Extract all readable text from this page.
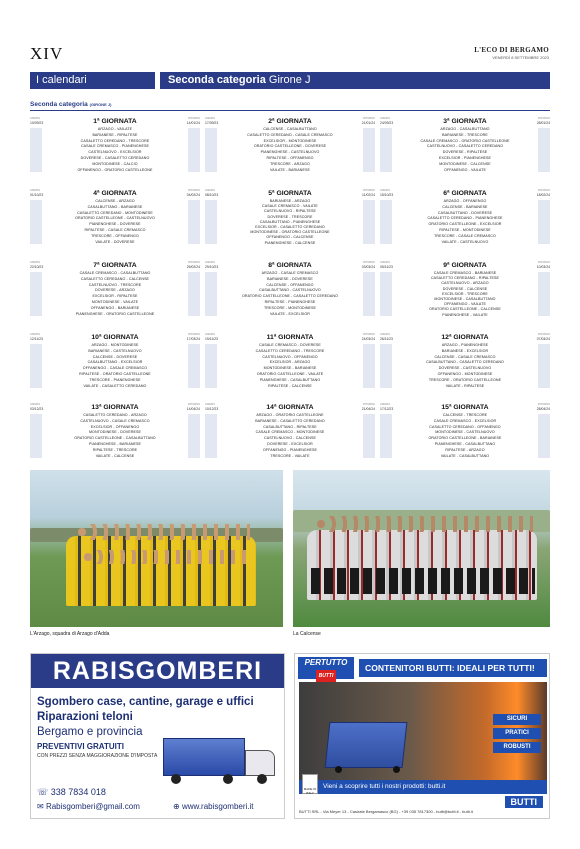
XIV	L'ECO DI BERGAMO
VENERDÌ 8 SETTEMBRE 2023
I calendari	Seconda categoria Girone J
Seconda categoria (GIRONE J)
ANDATA
10/09/23
RITORNO
14/01/24
1ª GIORNATA
ARZAGO - VAILATE
BARIANESE - RIPALTESE
CASALETTO CEREDANO - TRESCORE
CASALE CREMASCO - PIANENGHESE
CASTELNUOVO - EXCELSIOR
DOVERESE - CASALETTO CEREDANO
MONTODINESE - CALCIO
OFFANENGO - ORATORIO CASTELLEONE
ANDATA
17/09/23
RITORNO
21/01/24
2ª GIORNATA
CALCENSE - CASALBUTTANO
CASALETTO CEREDANO - CASALE CREMASCO
EXCELSIOR - MONTODINESE
ORATORIO CASTELLEONE - DOVERESE
PIANENGHESE - CASTELNUOVO
RIPALTESE - OFFANENGO
TRESCORE - ARZAGO
VAILATE - BARIANESE
ANDATA
24/09/23
RITORNO
28/01/24
3ª GIORNATA
ARZAGO - CASALBUTTANO
BARIANESE - TRESCORE
CASALE CREMASCO - ORATORIO CASTELLEONE
CASTELNUOVO - CASALETTO CEREDANO
DOVERESE - RIPALTESE
EXCELSIOR - PIANENGHESE
MONTODINESE - CALCENSE
OFFANENGO - VAILATE
ANDATA
01/10/23
RITORNO
04/02/24
4ª GIORNATA
CALCENSE - ARZAGO
CASALBUTTANO - BARIANESE
CASALETTO CEREDANO - MONTODINESE
ORATORIO CASTELLEONE - CASTELNUOVO
PIANENGHESE - DOVERESE
RIPALTESE - CASALE CREMASCO
TRESCORE - OFFANENGO
VAILATE - DOVERESE
ANDATA
08/10/23
RITORNO
11/02/24
5ª GIORNATA
BARIANESE - ARZAGO
CASALE CREMASCO - VAILATE
CASTELNUOVO - RIPALTESE
DOVERESE - TRESCORE
CASALBUTTANO - PIANENGHESE
EXCELSIOR - CASALETTO CEREDANO
MONTODINESE - ORATORIO CASTELLEONE
OFFANENGO - CALCENSE
PIANENGHESE - CALCENSE
ANDATA
15/10/23
RITORNO
18/02/24
6ª GIORNATA
ARZAGO - OFFANENGO
CALCENSE - BARIANESE
CASALBUTTANO - DOVERESE
CASALETTO CEREDANO - PIANENGHESE
ORATORIO CASTELLEONE - EXCELSIOR
RIPALTESE - MONTODINESE
TRESCORE - CASALE CREMASCO
VAILATE - CASTELNUOVO
ANDATA
22/10/23
RITORNO
25/02/24
7ª GIORNATA
CASALE CREMASCO - CASALBUTTANO
CASALETTO CEREDANO - CALCENSE
CASTELNUOVO - TRESCORE
DOVERESE - ARZAGO
EXCELSIOR - RIPALTESE
MONTODINESE - VAILATE
OFFANENGO - BARIANESE
PIANENGHESE - ORATORIO CASTELLEONE
ANDATA
29/10/23
RITORNO
03/03/24
8ª GIORNATA
ARZAGO - CASALE CREMASCO
BARIANESE - DOVERESE
CALCENSE - OFFANENGO
CASALBUTTANO - CASTELNUOVO
ORATORIO CASTELLEONE - CASALETTO CEREDANO
RIPALTESE - PIANENGHESE
TRESCORE - MONTODINESE
VAILATE - EXCELSIOR
ANDATA
05/11/23
RITORNO
10/03/24
9ª GIORNATA
CASALE CREMASCO - BARIANESE
CASALETTO CEREDANO - RIPALTESE
CASTELNUOVO - ARZAGO
DOVERESE - CALCENSE
EXCELSIOR - TRESCORE
MONTODINESE - CASALBUTTANO
OFFANENGO - VAILATE
ORATORIO CASTELLEONE - CALCENSE
PIANENGHESE - VAILATE
ANDATA
12/11/23
RITORNO
17/03/24
10ª GIORNATA
ARZAGO - MONTODINESE
BARIANESE - CASTELNUOVO
CALCENSE - DOVERESE
CASALBUTTANO - EXCELSIOR
OFFANENGO - CASALE CREMASCO
RIPALTESE - ORATORIO CASTELLEONE
TRESCORE - PIANENGHESE
VAILATE - CASALETTO CEREDANO
ANDATA
19/11/23
RITORNO
24/03/24
11ª GIORNATA
CASALE CREMASCO - DOVERESE
CASALETTO CEREDANO - TRESCORE
CASTELNUOVO - OFFANENGO
EXCELSIOR - ARZAGO
MONTODINESE - BARIANESE
ORATORIO CASTELLEONE - VAILATE
PIANENGHESE - CASALBUTTANO
RIPALTESE - CALCENSE
ANDATA
26/11/23
RITORNO
07/04/24
12ª GIORNATA
ARZAGO - PIANENGHESE
BARIANESE - EXCELSIOR
CALCENSE - CASALE CREMASCO
CASALBUTTANO - CASALETTO CEREDANO
DOVERESE - CASTELNUOVO
OFFANENGO - MONTODINESE
TRESCORE - ORATORIO CASTELLEONE
VAILATE - RIPALTESE
ANDATA
03/12/23
RITORNO
14/04/24
13ª GIORNATA
CASALETTO CEREDANO - ARZAGO
CASTELNUOVO - CASALE CREMASCO
EXCELSIOR - OFFANENGO
MONTODINESE - DOVERESE
ORATORIO CASTELLEONE - CASALBUTTANO
PIANENGHESE - BARIANESE
RIPALTESE - TRESCORE
VAILATE - CALCENSE
ANDATA
10/12/23
RITORNO
21/04/24
14ª GIORNATA
ARZAGO - ORATORIO CASTELLEONE
BARIANESE - CASALETTO CEREDANO
CASALBUTTANO - RIPALTESE
CASALE CREMASCO - MONTODINESE
CASTELNUOVO - CALCENSE
DOVERESE - EXCELSIOR
OFFANENGO - PIANENGHESE
TRESCORE - VAILATE
ANDATA
17/12/23
RITORNO
28/04/24
15ª GIORNATA
CALCENSE - TRESCORE
CASALE CREMASCO - EXCELSIOR
CASALETTO CEREDANO - OFFANENGO
MONTODINESE - CASTELNUOVO
ORATORIO CASTELLEONE - BARIANESE
PIANENGHESE - CASALBUTTANO
RIPALTESE - ARZAGO
VAILATE - CASALBUTTANO
L'Arzago, squadra di Arzago d'Adda	La Calcense
RABISGOMBERI
Sgombero case, cantine, garage e uffici
Riparazioni teloni
Bergamo e provincia
PREVENTIVI GRATUITI
CON PREZZI SENZA MAGGIORAZIONE D'IMPOSTA
☏ 338 7834 018
✉ Rabisgomberi@gmail.com	⊕ www.rabisgomberi.it
PERTUTTO
BUTTI
CONTENITORI BUTTI: IDEALI PER TUTTI!
SICURI
PRATICI
ROBUSTI
Vieni a scoprire tutti i nostri prodotti: butti.it
MADE IN ITALY
BUTTI
BUTTI SRL - Via Meyer 13 - Casirate Bergamasco (BG) - +39 035 7817300 - butti@butti.it - butti.it
